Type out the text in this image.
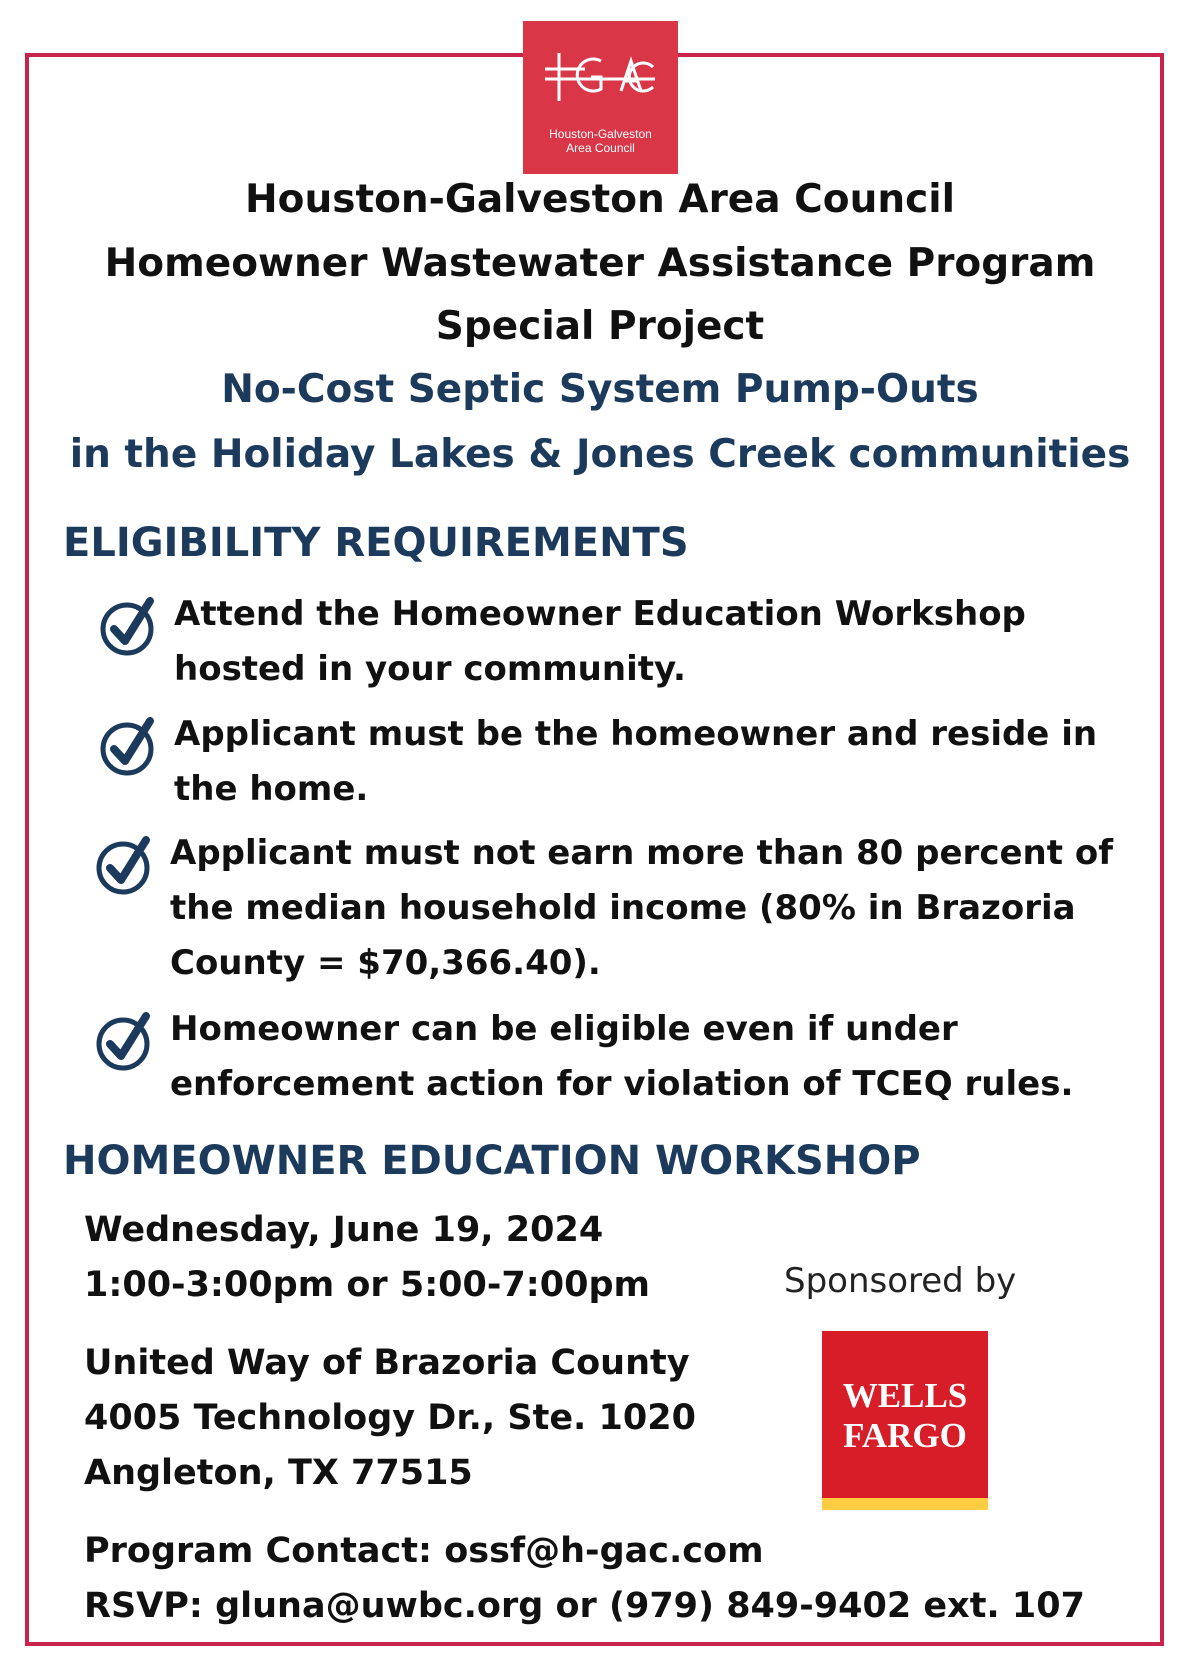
Houston-Galveston
Area Council
Houston-Galveston Area Council
Homeowner Wastewater Assistance Program
Special Project
No-Cost Septic System Pump-Outs
in the Holiday Lakes & Jones Creek communities
ELIGIBILITY REQUIREMENTS
Attend the Homeowner Education Workshop
hosted in your community.
Applicant must be the homeowner and reside in
the home.
Applicant must not earn more than 80 percent of
the median household income (80% in Brazoria
County = $70,366.40).
Homeowner can be eligible even if under
enforcement action for violation of TCEQ rules.
HOMEOWNER EDUCATION WORKSHOP
Wednesday, June 19, 2024
1:00-3:00pm or 5:00-7:00pm
United Way of Brazoria County
4005 Technology Dr., Ste. 1020
Angleton, TX 77515
Program Contact: ossf@h-gac.com
RSVP: gluna@uwbc.org or (979) 849-9402 ext. 107
Sponsored by
WELLS
FARGO
